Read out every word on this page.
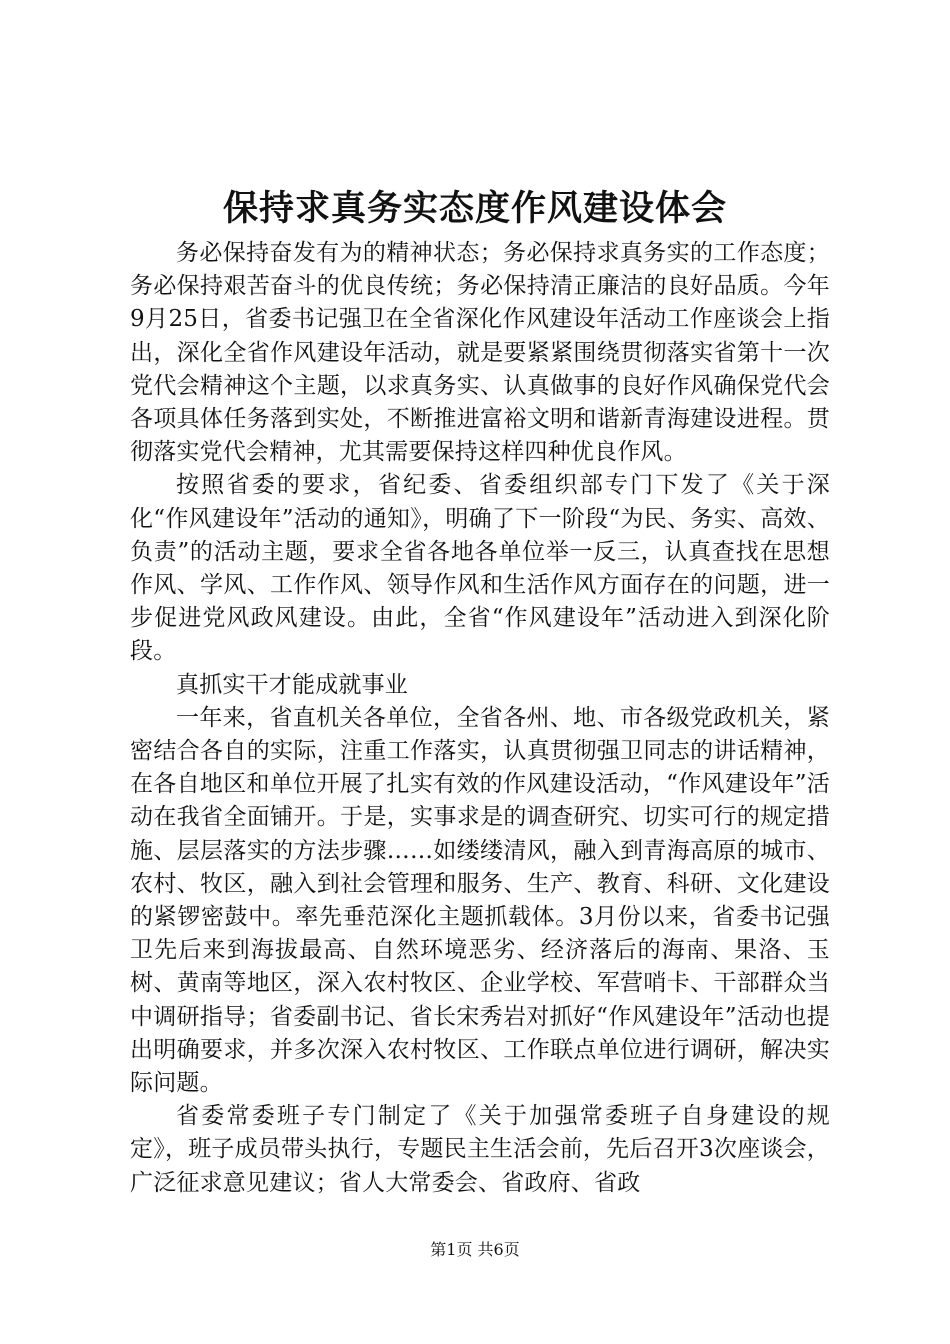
保持求真务实态度作风建设体会

务必保持奋发有为的精神状态；务必保持求真务实的工作态度；务必保持艰苦奋斗的优良传统；务必保持清正廉洁的良好品质。今年9月25日，省委书记强卫在全省深化作风建设年活动工作座谈会上指出，深化全省作风建设年活动，就是要紧紧围绕贯彻落实省第十一次党代会精神这个主题，以求真务实、认真做事的良好作风确保党代会各项具体任务落到实处，不断推进富裕文明和谐新青海建设进程。贯彻落实党代会精神，尤其需要保持这样四种优良作风。

按照省委的要求，省纪委、省委组织部专门下发了《关于深化“作风建设年”活动的通知》，明确了下一阶段“为民、务实、高效、负责”的活动主题，要求全省各地各单位举一反三，认真查找在思想作风、学风、工作作风、领导作风和生活作风方面存在的问题，进一步促进党风政风建设。由此，全省“作风建设年”活动进入到深化阶段。

真抓实干才能成就事业

一年来，省直机关各单位，全省各州、地、市各级党政机关，紧密结合各自的实际，注重工作落实，认真贯彻强卫同志的讲话精神，在各自地区和单位开展了扎实有效的作风建设活动，“作风建设年”活动在我省全面铺开。于是，实事求是的调查研究、切实可行的规定措施、层层落实的方法步骤……如缕缕清风，融入到青海高原的城市、农村、牧区，融入到社会管理和服务、生产、教育、科研、文化建设的紧锣密鼓中。率先垂范深化主题抓载体。3月份以来，省委书记强卫先后来到海拔最高、自然环境恶劣、经济落后的海南、果洛、玉树、黄南等地区，深入农村牧区、企业学校、军营哨卡、干部群众当中调研指导；省委副书记、省长宋秀岩对抓好“作风建设年”活动也提出明确要求，并多次深入农村牧区、工作联点单位进行调研，解决实际问题。

省委常委班子专门制定了《关于加强常委班子自身建设的规定》，班子成员带头执行，专题民主生活会前，先后召开3次座谈会，广泛征求意见建议；省人大常委会、省政府、省政

第1页 共6页
